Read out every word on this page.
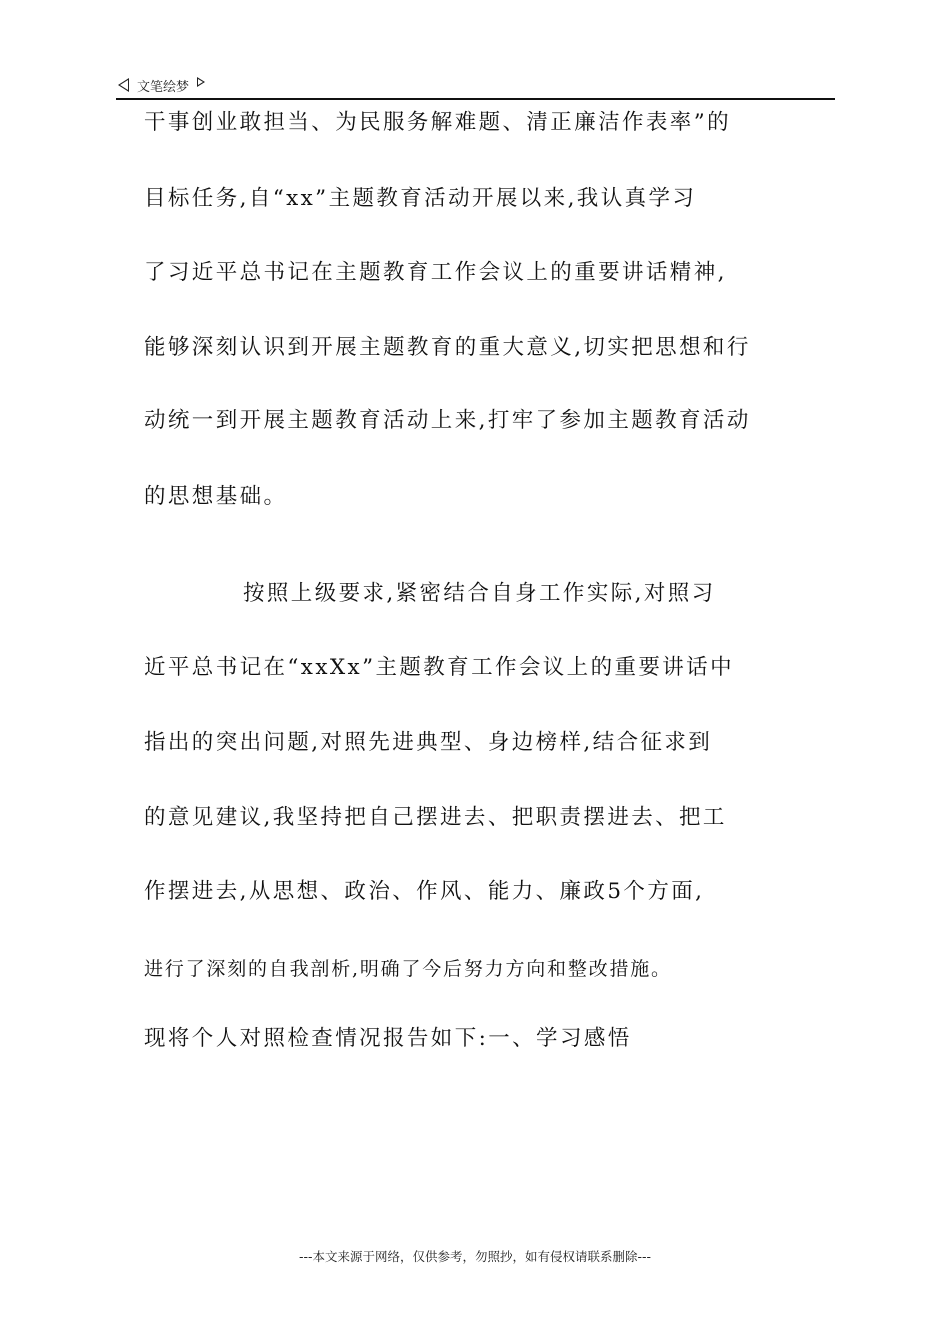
文笔绘梦
干事创业敢担当、为民服务解难题、清正廉洁作表率”的
目标任务,自“xx”主题教育活动开展以来,我认真学习
了习近平总书记在主题教育工作会议上的重要讲话精神,
能够深刻认识到开展主题教育的重大意义,切实把思想和行
动统一到开展主题教育活动上来,打牢了参加主题教育活动
的思想基础。
按照上级要求,紧密结合自身工作实际,对照习
近平总书记在“xxXx”主题教育工作会议上的重要讲话中
指出的突出问题,对照先进典型、身边榜样,结合征求到
的意见建议,我坚持把自己摆进去、把职责摆进去、把工
作摆进去,从思想、政治、作风、能力、廉政5个方面,
进行了深刻的自我剖析,明确了今后努力方向和整改措施。
现将个人对照检查情况报告如下:一、学习感悟
---本文来源于网络，仅供参考，勿照抄，如有侵权请联系删除---
